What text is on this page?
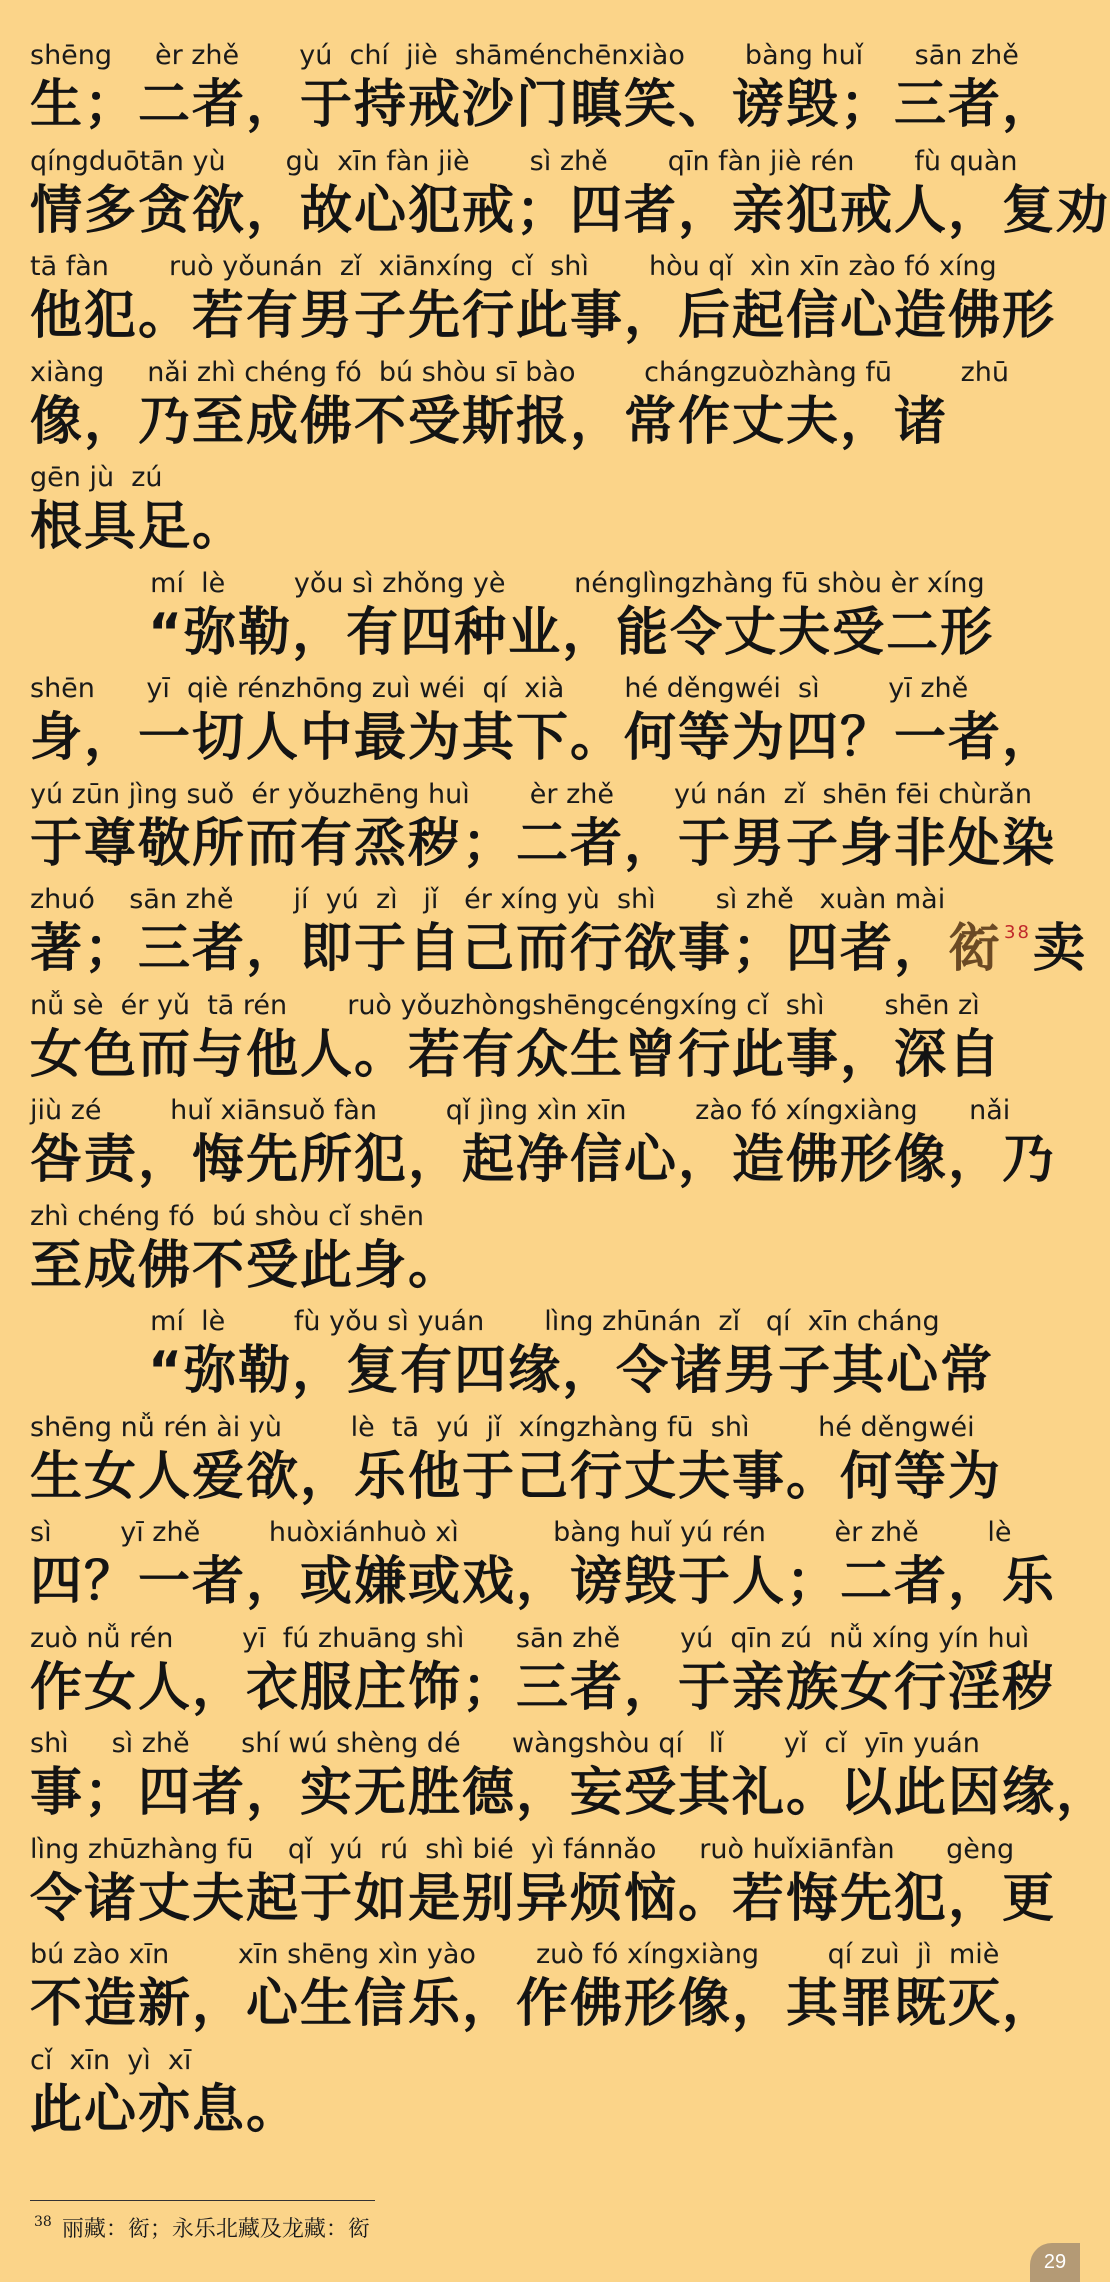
shēng     èr zhě       yú  chí  jiè  shāménchēnxiào       bàng huǐ      sān zhě
生；二者，于持戒沙门瞋笑、谤毁；三者，
qíngduōtān yù       gù  xīn fàn jiè       sì zhě       qīn fàn jiè rén       fù quàn
情多贪欲，故心犯戒；四者，亲犯戒人，复劝
tā fàn       ruò yǒunán  zǐ  xiānxíng  cǐ  shì       hòu qǐ  xìn xīn zào fó xíng
他犯。若有男子先行此事，后起信心造佛形
xiàng     nǎi zhì chéng fó  bú shòu sī bào        chángzuòzhàng fū        zhū
像，乃至成佛不受斯报，常作丈夫，诸
gēn jù  zú
根具足。
mí  lè        yǒu sì zhǒng yè        nénglìngzhàng fū shòu èr xíng
“弥勒，有四种业，能令丈夫受二形
shēn      yī  qiè rénzhōng zuì wéi  qí  xià       hé děngwéi  sì        yī zhě
身，一切人中最为其下。何等为四？一者，
yú zūn jìng suǒ  ér yǒuzhēng huì       èr zhě       yú nán  zǐ  shēn fēi chùrǎn
于尊敬所而有烝秽；二者，于男子身非处染
zhuó    sān zhě       jí  yú  zì   jǐ   ér xíng yù  shì       sì zhě   xuàn mài
著；三者，即于自己而行欲事；四者，衒 $^{38}$卖
nǚ sè  ér yǔ  tā rén       ruò yǒuzhòngshēngcéngxíng cǐ  shì       shēn zì
女色而与他人。若有众生曾行此事，深自
jiù zé        huǐ xiānsuǒ fàn        qǐ jìng xìn xīn        zào fó xíngxiàng      nǎi
咎责，悔先所犯，起净信心，造佛形像，乃
zhì chéng fó  bú shòu cǐ shēn
至成佛不受此身。
mí  lè        fù yǒu sì yuán       lìng zhūnán  zǐ   qí  xīn cháng
“弥勒，复有四缘，令诸男子其心常
shēng nǚ rén ài yù        lè  tā  yú  jǐ  xíngzhàng fū  shì        hé děngwéi
生女人爱欲，乐他于己行丈夫事。何等为
sì        yī zhě        huòxiánhuò xì           bàng huǐ yú rén        èr zhě        lè
四？一者，或嫌或戏，谤毁于人；二者，乐
zuò nǚ rén        yī  fú zhuāng shì      sān zhě       yú  qīn zú  nǚ xíng yín huì
作女人，衣服庄饰；三者，于亲族女行淫秽
shì     sì zhě      shí wú shèng dé      wàngshòu qí   lǐ       yǐ  cǐ  yīn yuán
事；四者，实无胜德，妄受其礼。以此因缘，
lìng zhūzhàng fū    qǐ  yú  rú  shì bié  yì fánnǎo     ruò huǐxiānfàn      gèng
令诸丈夫起于如是别异烦恼。若悔先犯，更
bú zào xīn        xīn shēng xìn yào       zuò fó xíngxiàng        qí zuì  jì  miè
不造新，心生信乐，作佛形像，其罪既灭，
cǐ  xīn  yì  xī
此心亦息。
$^{38}$ 丽藏：衒；永乐北藏及龙藏：衒
29
